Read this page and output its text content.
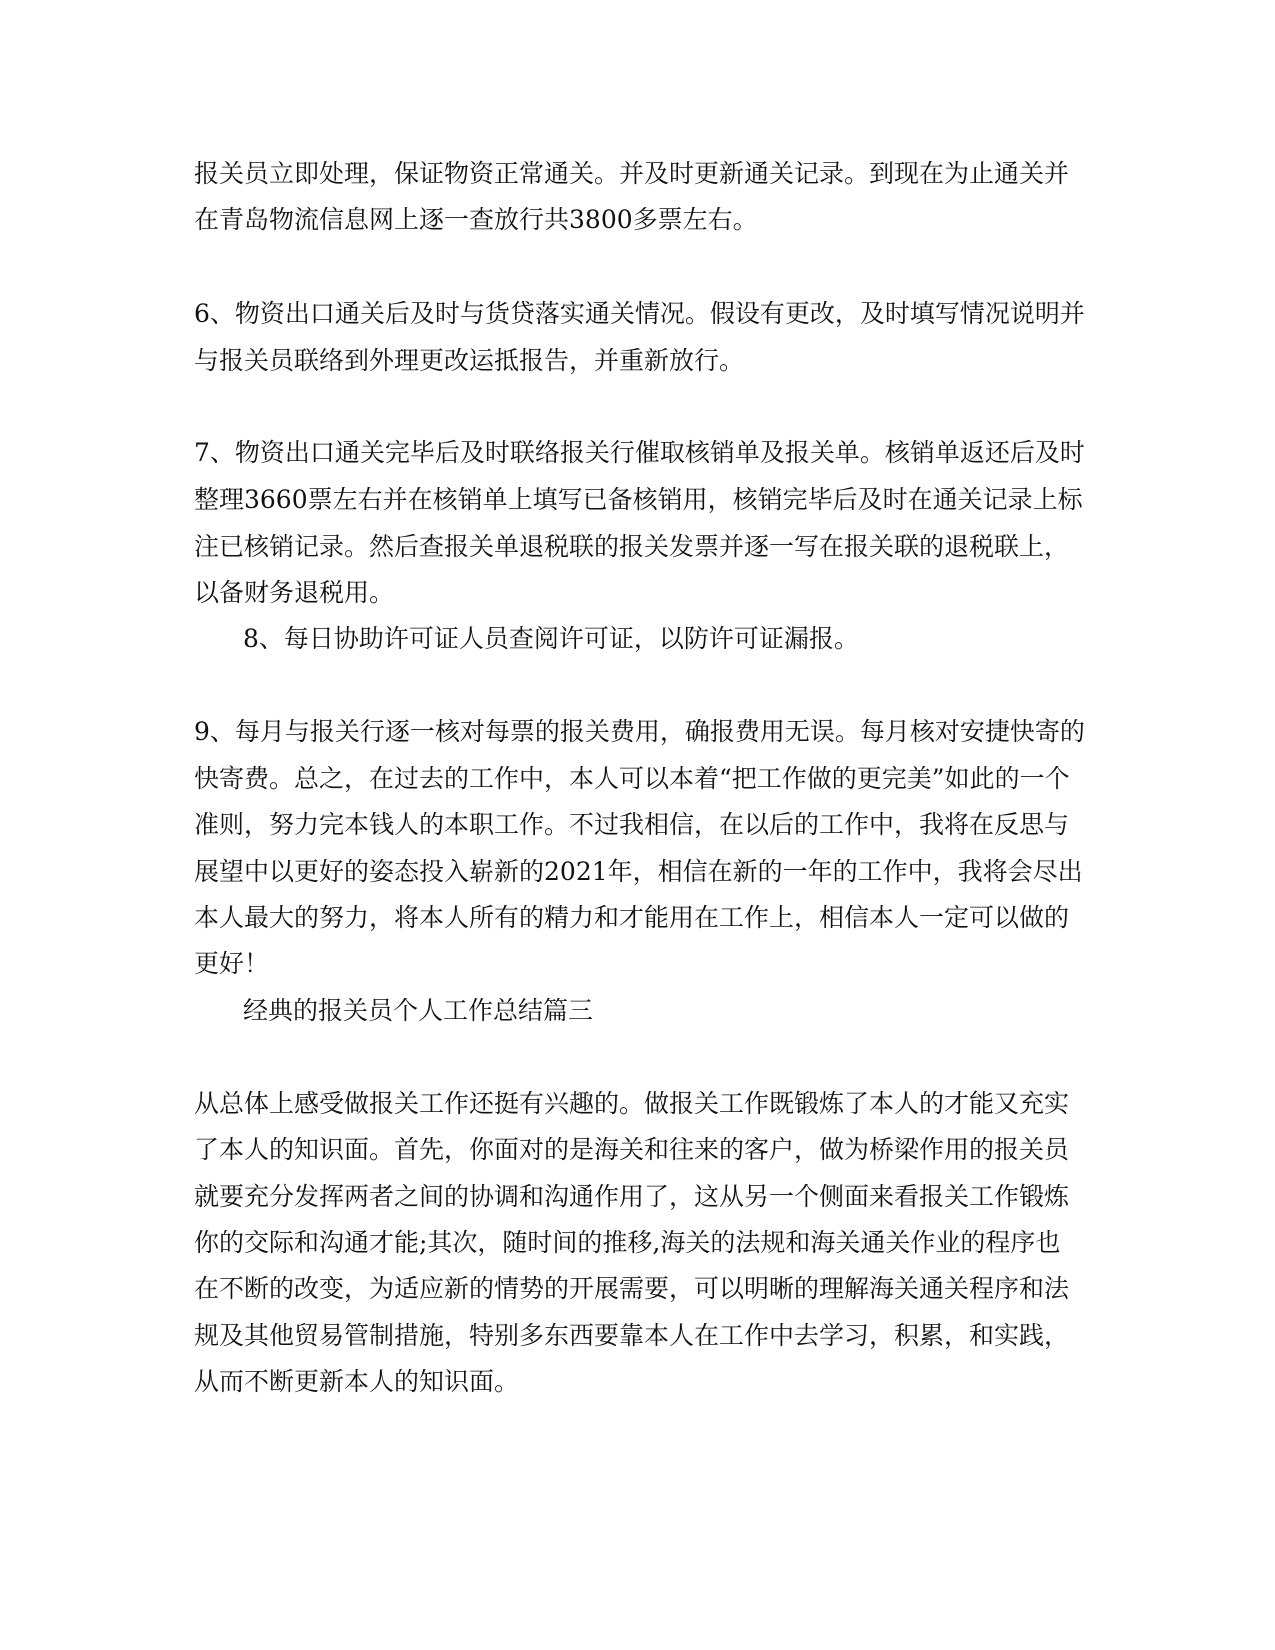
报关员立即处理，保证物资正常通关。并及时更新通关记录。到现在为止通关并

在青岛物流信息网上逐一查放行共3800多票左右。

6、物资出口通关后及时与货贷落实通关情况。假设有更改，及时填写情况说明并

与报关员联络到外理更改运抵报告，并重新放行。

7、物资出口通关完毕后及时联络报关行催取核销单及报关单。核销单返还后及时

整理3660票左右并在核销单上填写已备核销用，核销完毕后及时在通关记录上标

注已核销记录。然后查报关单退税联的报关发票并逐一写在报关联的退税联上，

以备财务退税用。

8、每日协助许可证人员查阅许可证，以防许可证漏报。

9、每月与报关行逐一核对每票的报关费用，确报费用无误。每月核对安捷快寄的

快寄费。总之，在过去的工作中，本人可以本着“把工作做的更完美”如此的一个

准则，努力完本钱人的本职工作。不过我相信，在以后的工作中，我将在反思与

展望中以更好的姿态投入崭新的2021年，相信在新的一年的工作中，我将会尽出

本人最大的努力，将本人所有的精力和才能用在工作上，相信本人一定可以做的

更好！

经典的报关员个人工作总结篇三

从总体上感受做报关工作还挺有兴趣的。做报关工作既锻炼了本人的才能又充实

了本人的知识面。首先，你面对的是海关和往来的客户，做为桥梁作用的报关员

就要充分发挥两者之间的协调和沟通作用了，这从另一个侧面来看报关工作锻炼

你的交际和沟通才能;其次，随时间的推移,海关的法规和海关通关作业的程序也

在不断的改变，为适应新的情势的开展需要，可以明晰的理解海关通关程序和法

规及其他贸易管制措施，特别多东西要靠本人在工作中去学习，积累，和实践，

从而不断更新本人的知识面。
